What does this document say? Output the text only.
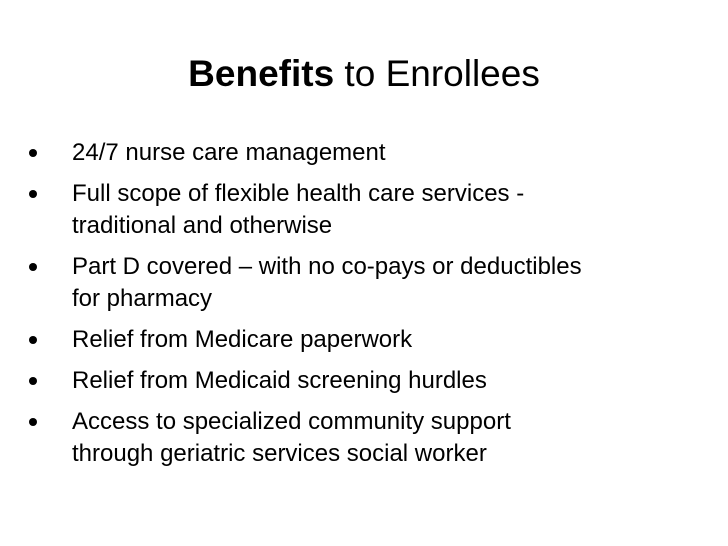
Benefits to Enrollees
24/7 nurse care management
Full scope of flexible health care services -
traditional and otherwise
Part D covered – with no co-pays or deductibles
for pharmacy
Relief from Medicare paperwork
Relief from Medicaid screening hurdles
Access to specialized community support
through geriatric services social worker
